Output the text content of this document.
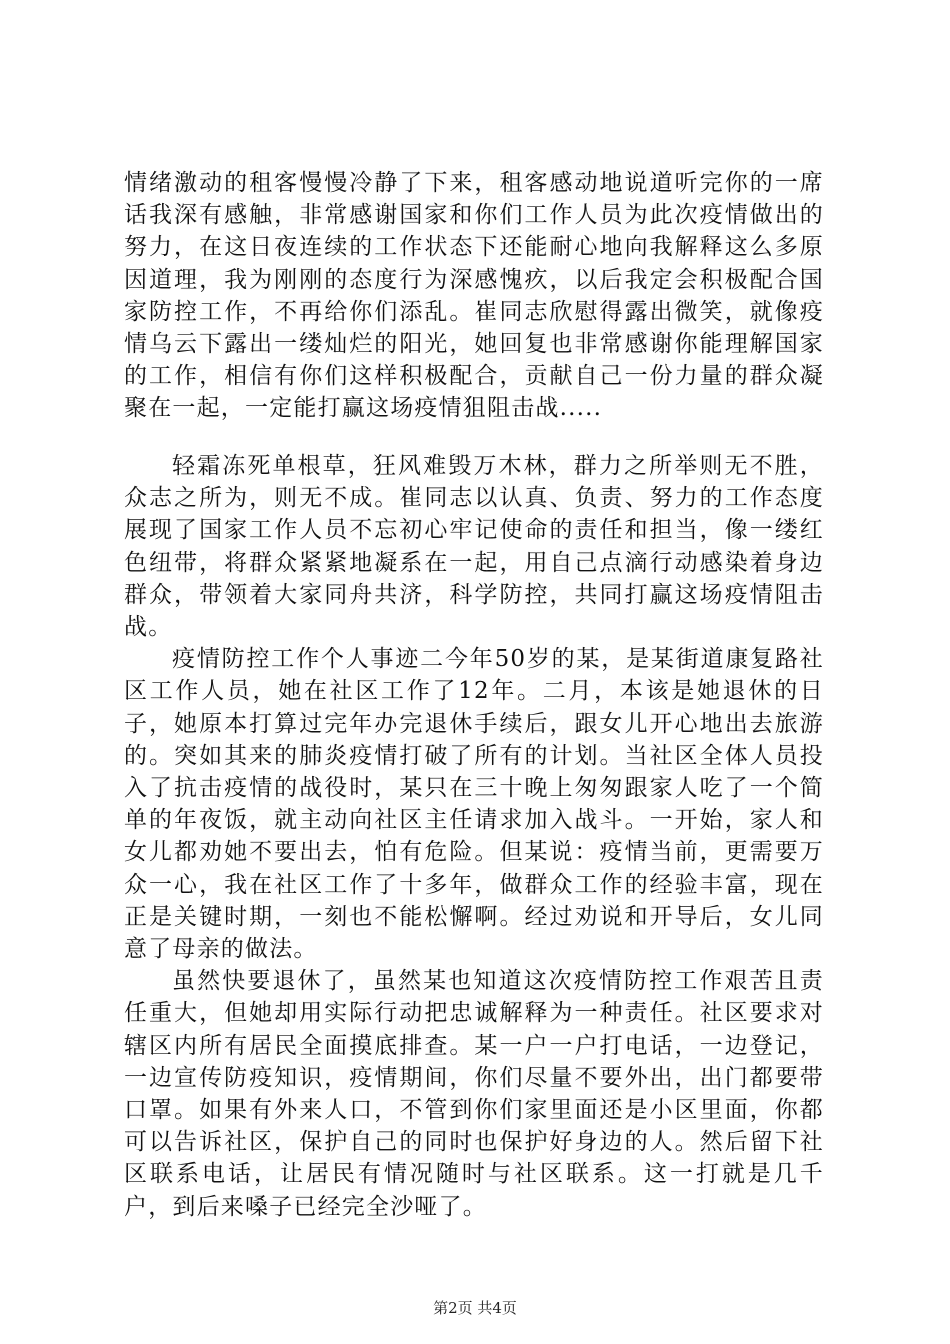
情绪激动的租客慢慢冷静了下来，租客感动地说道听完你的一席话我深有感触，非常感谢国家和你们工作人员为此次疫情做出的努力，在这日夜连续的工作状态下还能耐心地向我解释这么多原因道理，我为刚刚的态度行为深感愧疚，以后我定会积极配合国家防控工作，不再给你们添乱。崔同志欣慰得露出微笑，就像疫情乌云下露出一缕灿烂的阳光，她回复也非常感谢你能理解国家的工作，相信有你们这样积极配合，贡献自己一份力量的群众凝聚在一起，一定能打赢这场疫情狙阻击战.....

轻霜冻死单根草，狂风难毁万木林，群力之所举则无不胜，众志之所为，则无不成。崔同志以认真、负责、努力的工作态度展现了国家工作人员不忘初心牢记使命的责任和担当，像一缕红色纽带，将群众紧紧地凝系在一起，用自己点滴行动感染着身边群众，带领着大家同舟共济，科学防控，共同打赢这场疫情阻击战。

疫情防控工作个人事迹二今年50岁的某，是某街道康复路社区工作人员，她在社区工作了12年。二月，本该是她退休的日子，她原本打算过完年办完退休手续后，跟女儿开心地出去旅游的。突如其来的肺炎疫情打破了所有的计划。当社区全体人员投入了抗击疫情的战役时，某只在三十晚上匆匆跟家人吃了一个简单的年夜饭，就主动向社区主任请求加入战斗。一开始，家人和女儿都劝她不要出去，怕有危险。但某说：疫情当前，更需要万众一心，我在社区工作了十多年，做群众工作的经验丰富，现在正是关键时期，一刻也不能松懈啊。经过劝说和开导后，女儿同意了母亲的做法。

虽然快要退休了，虽然某也知道这次疫情防控工作艰苦且责任重大，但她却用实际行动把忠诚解释为一种责任。社区要求对辖区内所有居民全面摸底排查。某一户一户打电话，一边登记，一边宣传防疫知识，疫情期间，你们尽量不要外出，出门都要带口罩。如果有外来人口，不管到你们家里面还是小区里面，你都可以告诉社区，保护自己的同时也保护好身边的人。然后留下社区联系电话，让居民有情况随时与社区联系。这一打就是几千户，到后来嗓子已经完全沙哑了。

第2页 共4页
